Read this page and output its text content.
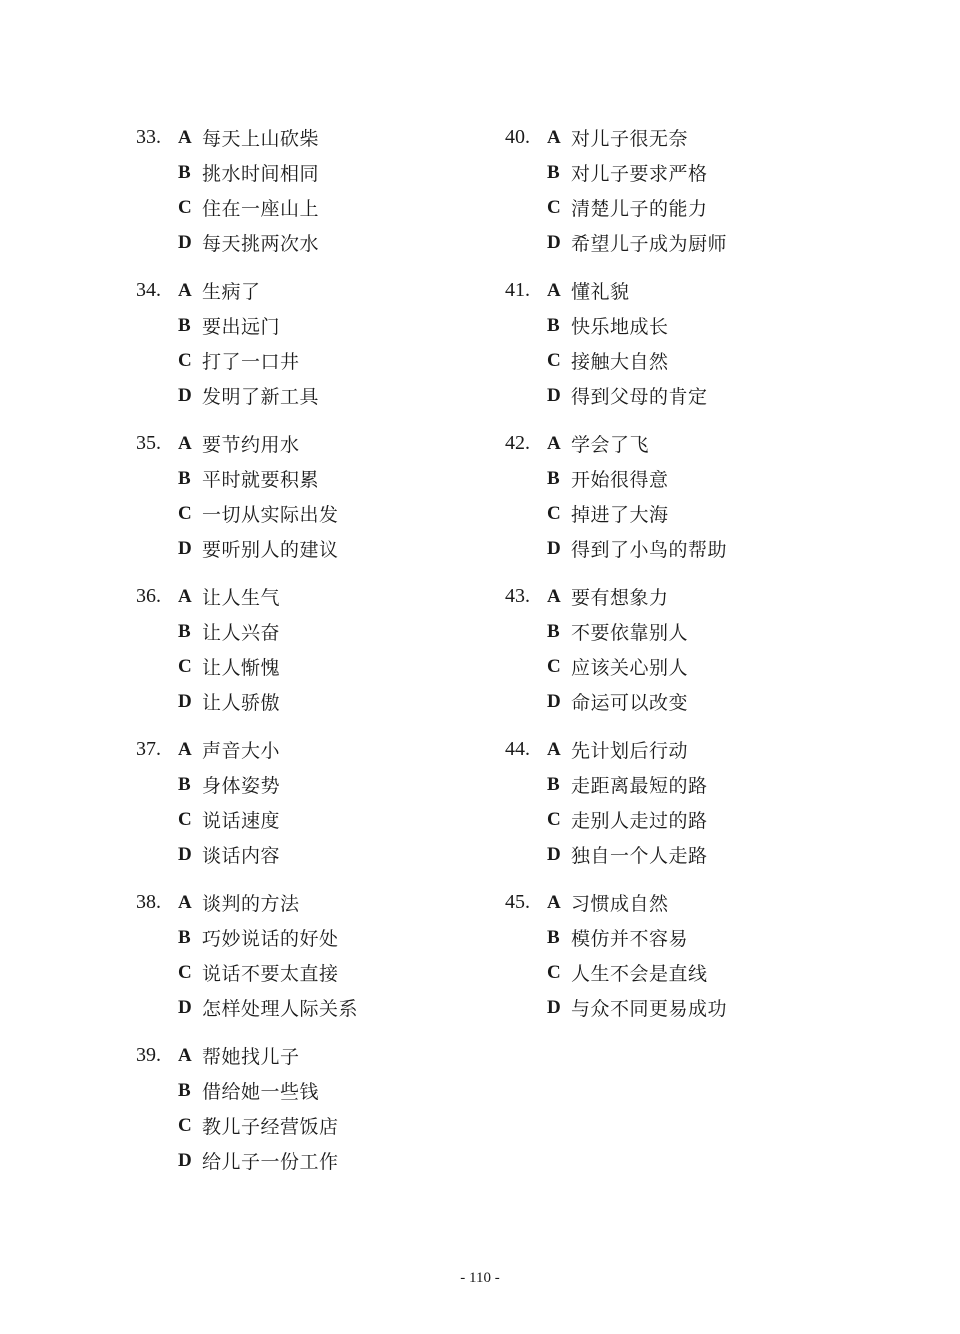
33. A 每天上山砍柴
B 挑水时间相同
C 住在一座山上
D 每天挑两次水
34. A 生病了
B 要出远门
C 打了一口井
D 发明了新工具
35. A 要节约用水
B 平时就要积累
C 一切从实际出发
D 要听别人的建议
36. A 让人生气
B 让人兴奋
C 让人惭愧
D 让人骄傲
37. A 声音大小
B 身体姿势
C 说话速度
D 谈话内容
38. A 谈判的方法
B 巧妙说话的好处
C 说话不要太直接
D 怎样处理人际关系
39. A 帮她找儿子
B 借给她一些钱
C 教儿子经营饭店
D 给儿子一份工作
40. A 对儿子很无奈
B 对儿子要求严格
C 清楚儿子的能力
D 希望儿子成为厨师
41. A 懂礼貌
B 快乐地成长
C 接触大自然
D 得到父母的肯定
42. A 学会了飞
B 开始很得意
C 掉进了大海
D 得到了小鸟的帮助
43. A 要有想象力
B 不要依靠别人
C 应该关心别人
D 命运可以改变
44. A 先计划后行动
B 走距离最短的路
C 走别人走过的路
D 独自一个人走路
45. A 习惯成自然
B 模仿并不容易
C 人生不会是直线
D 与众不同更易成功
- 110 -
